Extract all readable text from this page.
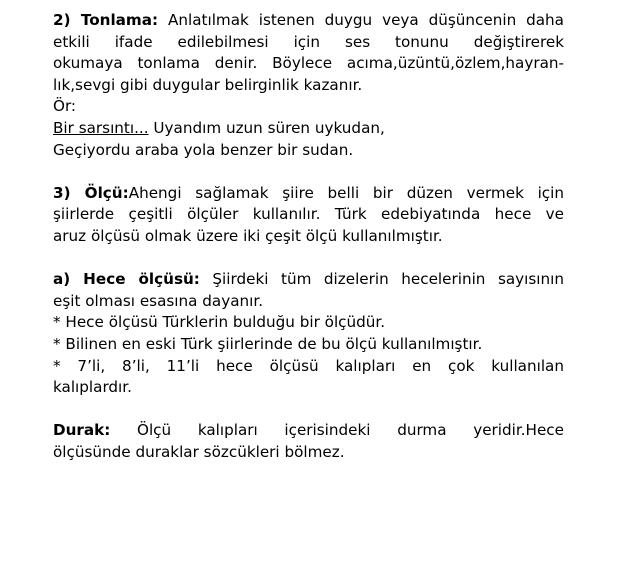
2) Tonlama: Anlatılmak istenen duygu veya düşüncenin daha
etkili ifade edilebilmesi için ses tonunu değiştirerek
okumaya tonlama denir. Böylece acıma,üzüntü,özlem,hayran-
lık,sevgi gibi duygular belirginlik kazanır.
Ör:
Bir sarsıntı... Uyandım uzun süren uykudan,
Geçiyordu araba yola benzer bir sudan.
3) Ölçü:Ahengi sağlamak şiire belli bir düzen vermek için
şiirlerde çeşitli ölçüler kullanılır. Türk edebiyatında hece ve
aruz ölçüsü olmak üzere iki çeşit ölçü kullanılmıştır.
a) Hece ölçüsü: Şiirdeki tüm dizelerin hecelerinin sayısının
eşit olması esasına dayanır.
* Hece ölçüsü Türklerin bulduğu bir ölçüdür.
* Bilinen en eski Türk şiirlerinde de bu ölçü kullanılmıştır.
* 7’li, 8’li, 11’li hece ölçüsü kalıpları en çok kullanılan
kalıplardır.
Durak: Ölçü kalıpları içerisindeki durma yeridir.Hece
ölçüsünde duraklar sözcükleri bölmez.
